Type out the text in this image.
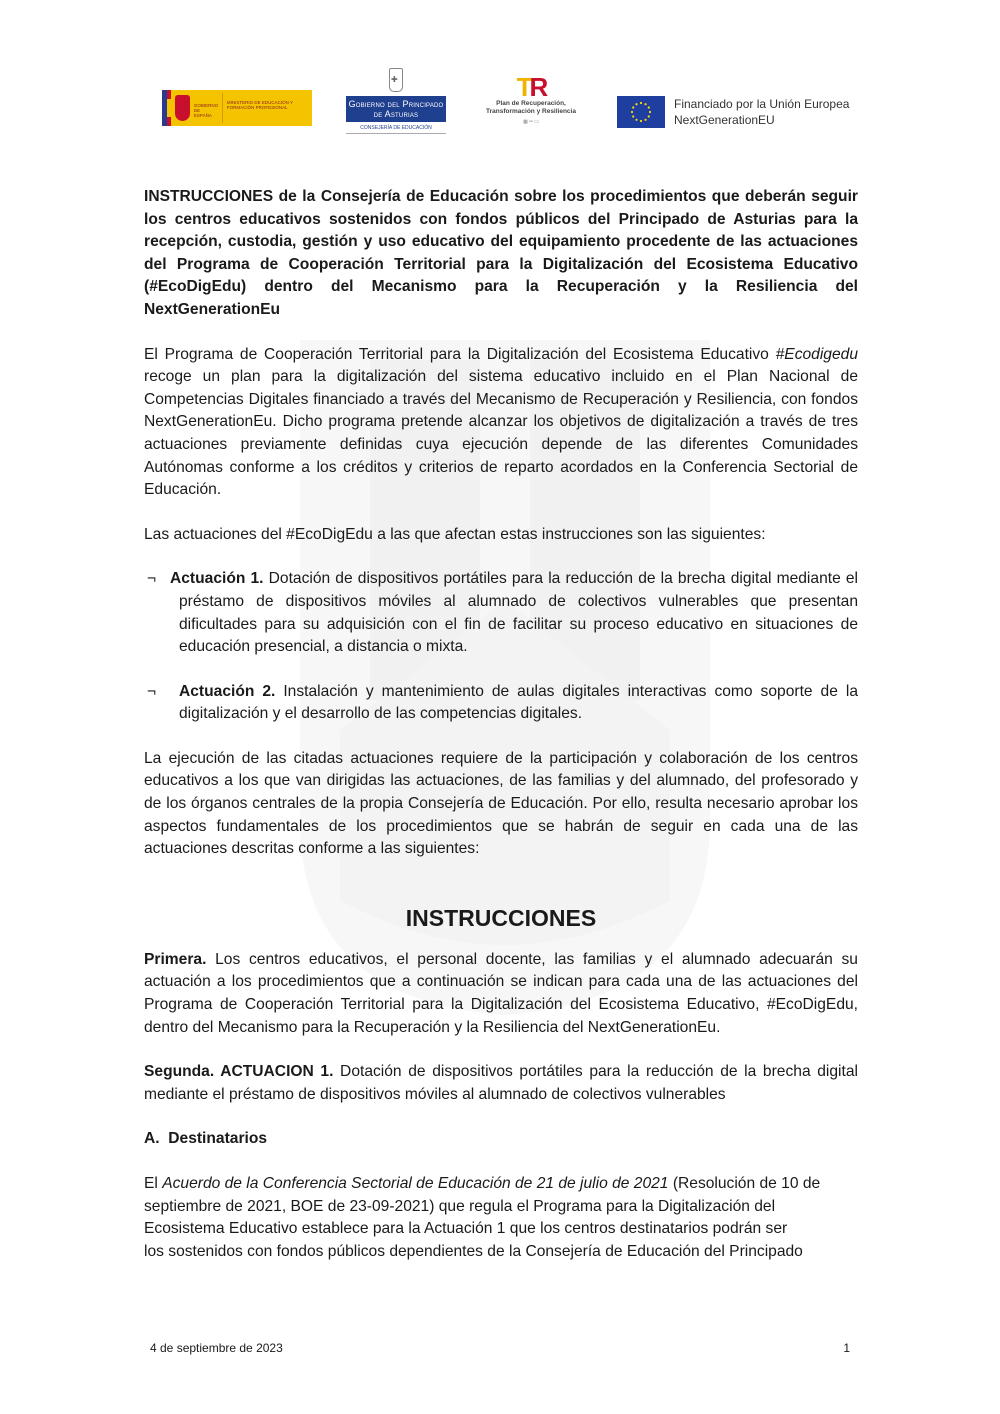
GOBIERNO DE ESPAÑA
MINISTERIO DE EDUCACIÓN Y FORMACIÓN PROFESIONAL
✚	Gobierno del Principado de Asturias
CONSEJERÍA DE EDUCACIÓN
TR
Plan de Recuperación,
Transformación y Resiliencia
▦ ═ ▭
Financiado por la Unión Europea
NextGenerationEU

INSTRUCCIONES de la Consejería de Educación sobre los procedimientos que deberán seguir los centros educativos sostenidos con fondos públicos del Principado de Asturias para la recepción, custodia, gestión y uso educativo del equipamiento procedente de las actuaciones del Programa de Cooperación Territorial para la Digitalización del Ecosistema Educativo (#EcoDigEdu) dentro del Mecanismo para la Recuperación y la Resiliencia del NextGenerationEu

El Programa de Cooperación Territorial para la Digitalización del Ecosistema Educativo #Ecodigedu recoge un plan para la digitalización del sistema educativo incluido en el Plan Nacional de Competencias Digitales financiado a través del Mecanismo de Recuperación y Resiliencia, con fondos NextGenerationEu. Dicho programa pretende alcanzar los objetivos de digitalización a través de tres actuaciones previamente definidas cuya ejecución depende de las diferentes Comunidades Autónomas conforme a los créditos y criterios de reparto acordados en la Conferencia Sectorial de Educación.

Las actuaciones del #EcoDigEdu a las que afectan estas instrucciones son las siguientes:

¬ Actuación 1. Dotación de dispositivos portátiles para la reducción de la brecha digital mediante el préstamo de dispositivos móviles al alumnado de colectivos vulnerables que presentan dificultades para su adquisición con el fin de facilitar su proceso educativo en situaciones de educación presencial, a distancia o mixta.

¬ Actuación 2. Instalación y mantenimiento de aulas digitales interactivas como soporte de la digitalización y el desarrollo de las competencias digitales.

La ejecución de las citadas actuaciones requiere de la participación y colaboración de los centros educativos a los que van dirigidas las actuaciones, de las familias y del alumnado, del profesorado y de los órganos centrales de la propia Consejería de Educación. Por ello, resulta necesario aprobar los aspectos fundamentales de los procedimientos que se habrán de seguir en cada una de las actuaciones descritas conforme a las siguientes:

INSTRUCCIONES

Primera. Los centros educativos, el personal docente, las familias y el alumnado adecuarán su actuación a los procedimientos que a continuación se indican para cada una de las actuaciones del Programa de Cooperación Territorial para la Digitalización del Ecosistema Educativo, #EcoDigEdu, dentro del Mecanismo para la Recuperación y la Resiliencia del NextGenerationEu.

Segunda. ACTUACION 1. Dotación de dispositivos portátiles para la reducción de la brecha digital mediante el préstamo de dispositivos móviles al alumnado de colectivos vulnerables

A.  Destinatarios

El Acuerdo de la Conferencia Sectorial de Educación de 21 de julio de 2021 (Resolución de 10 de
septiembre de 2021, BOE de 23-09-2021) que regula el Programa para la Digitalización del
Ecosistema Educativo establece para la Actuación 1 que los centros destinatarios podrán ser
los sostenidos con fondos públicos dependientes de la Consejería de Educación del Principado

4 de septiembre de 2023	1
